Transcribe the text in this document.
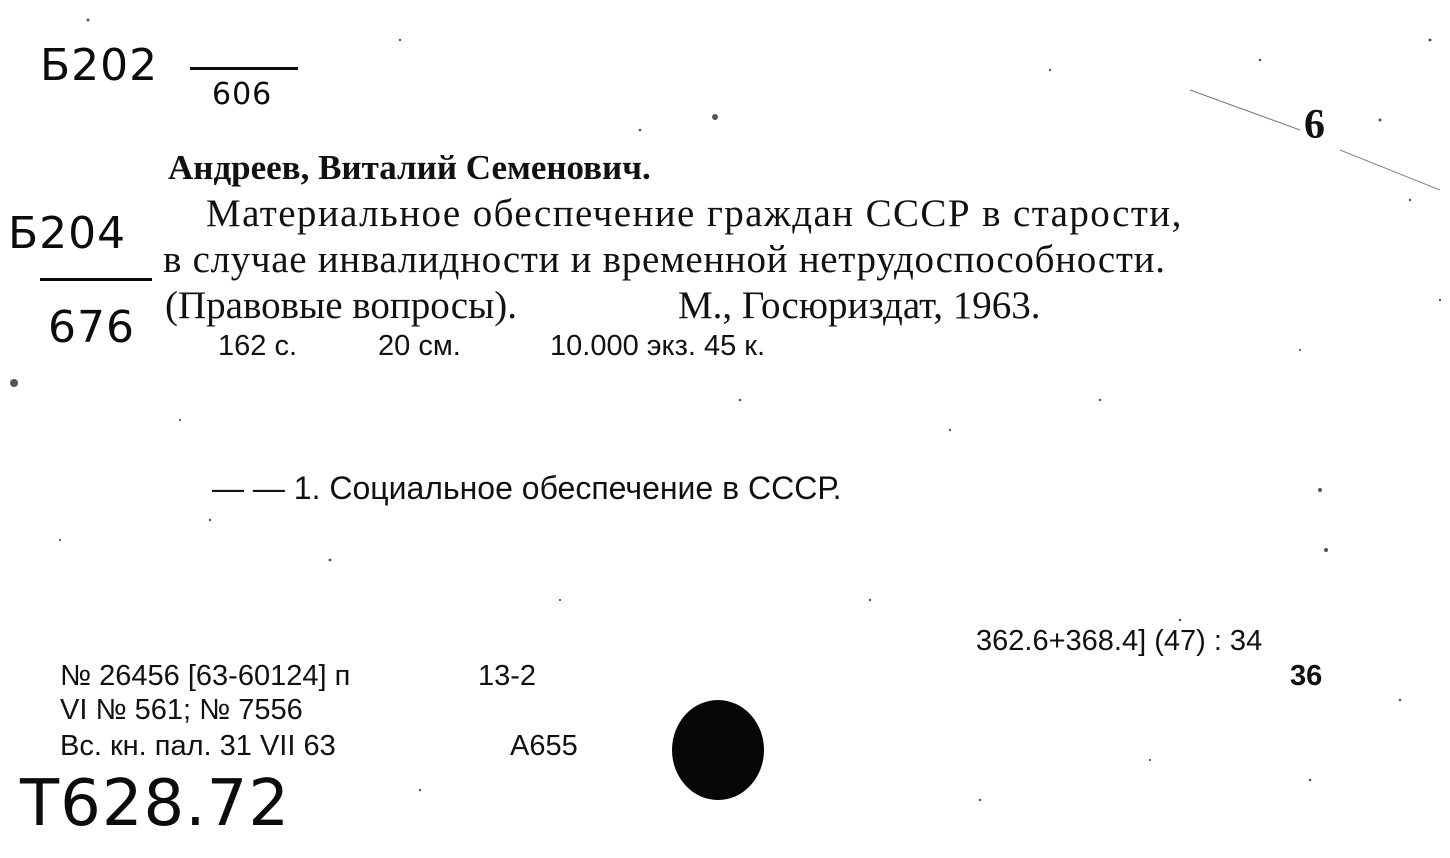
Б202
606
Б204
676
6
Андреев, Виталий Семенович.
Материальное обеспечение граждан СССР в старости,
в случае инвалидности и временной нетрудоспособности.
(Правовые вопросы).	М., Госюриздат, 1963.
162 с.	20 см.	10.000 экз. 45 к.
— — 1. Социальное обеспечение в СССР.
362.6+368.4] (47) : 34
36
№ 26456 [63-60124] п	13-2
VI № 561; № 7556
Вс. кн. пал. 31 VII 63	А655
Т628.72
